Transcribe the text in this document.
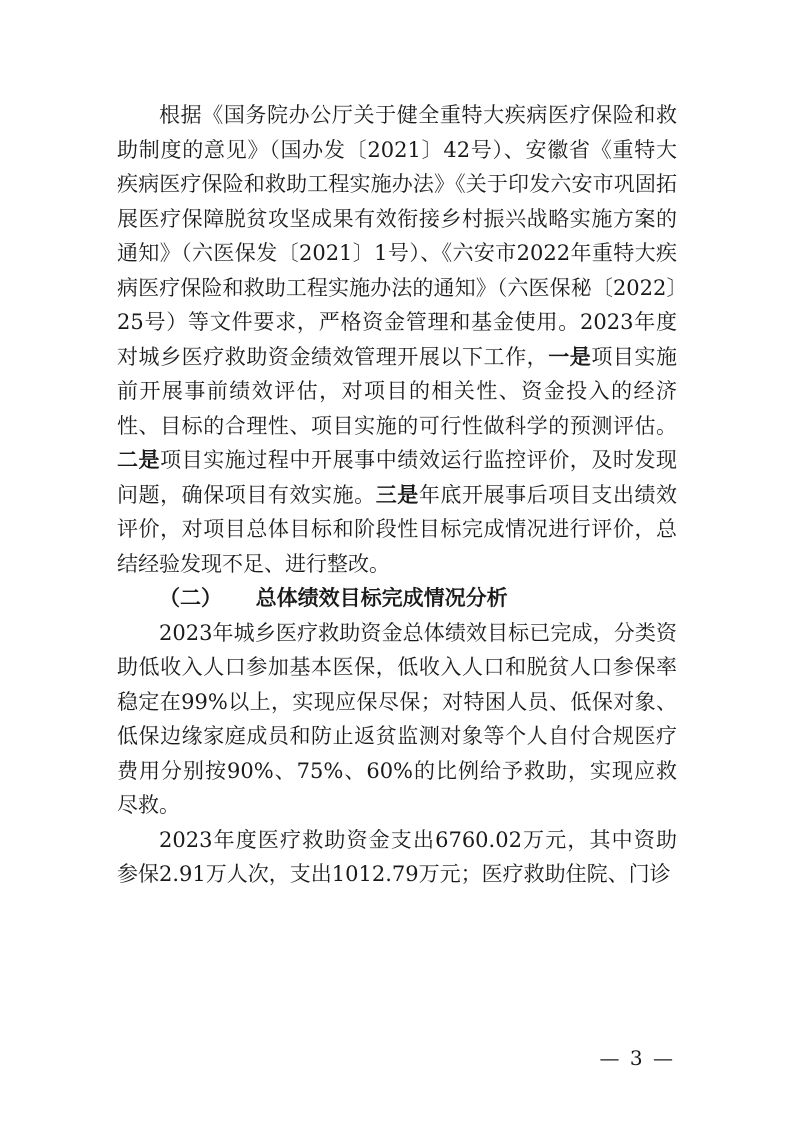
根据《国务院办公厅关于健全重特大疾病医疗保险和救助制度的意见》（国办发〔2021〕42号）、安徽省《重特大疾病医疗保险和救助工程实施办法》《关于印发六安市巩固拓展医疗保障脱贫攻坚成果有效衔接乡村振兴战略实施方案的通知》（六医保发〔2021〕1号）、《六安市2022年重特大疾病医疗保险和救助工程实施办法的通知》（六医保秘〔2022〕25号）等文件要求，严格资金管理和基金使用。2023年度对城乡医疗救助资金绩效管理开展以下工作，一是项目实施前开展事前绩效评估，对项目的相关性、资金投入的经济性、目标的合理性、项目实施的可行性做科学的预测评估。二是项目实施过程中开展事中绩效运行监控评价，及时发现问题，确保项目有效实施。三是年底开展事后项目支出绩效评价，对项目总体目标和阶段性目标完成情况进行评价，总结经验发现不足、进行整改。

（二） 总体绩效目标完成情况分析

2023年城乡医疗救助资金总体绩效目标已完成，分类资助低收入人口参加基本医保，低收入人口和脱贫人口参保率稳定在99%以上，实现应保尽保；对特困人员、低保对象、低保边缘家庭成员和防止返贫监测对象等个人自付合规医疗费用分别按90%、75%、60%的比例给予救助，实现应救尽救。

2023年度医疗救助资金支出6760.02万元，其中资助参保2.91万人次，支出1012.79万元；医疗救助住院、门诊

— 3 —
